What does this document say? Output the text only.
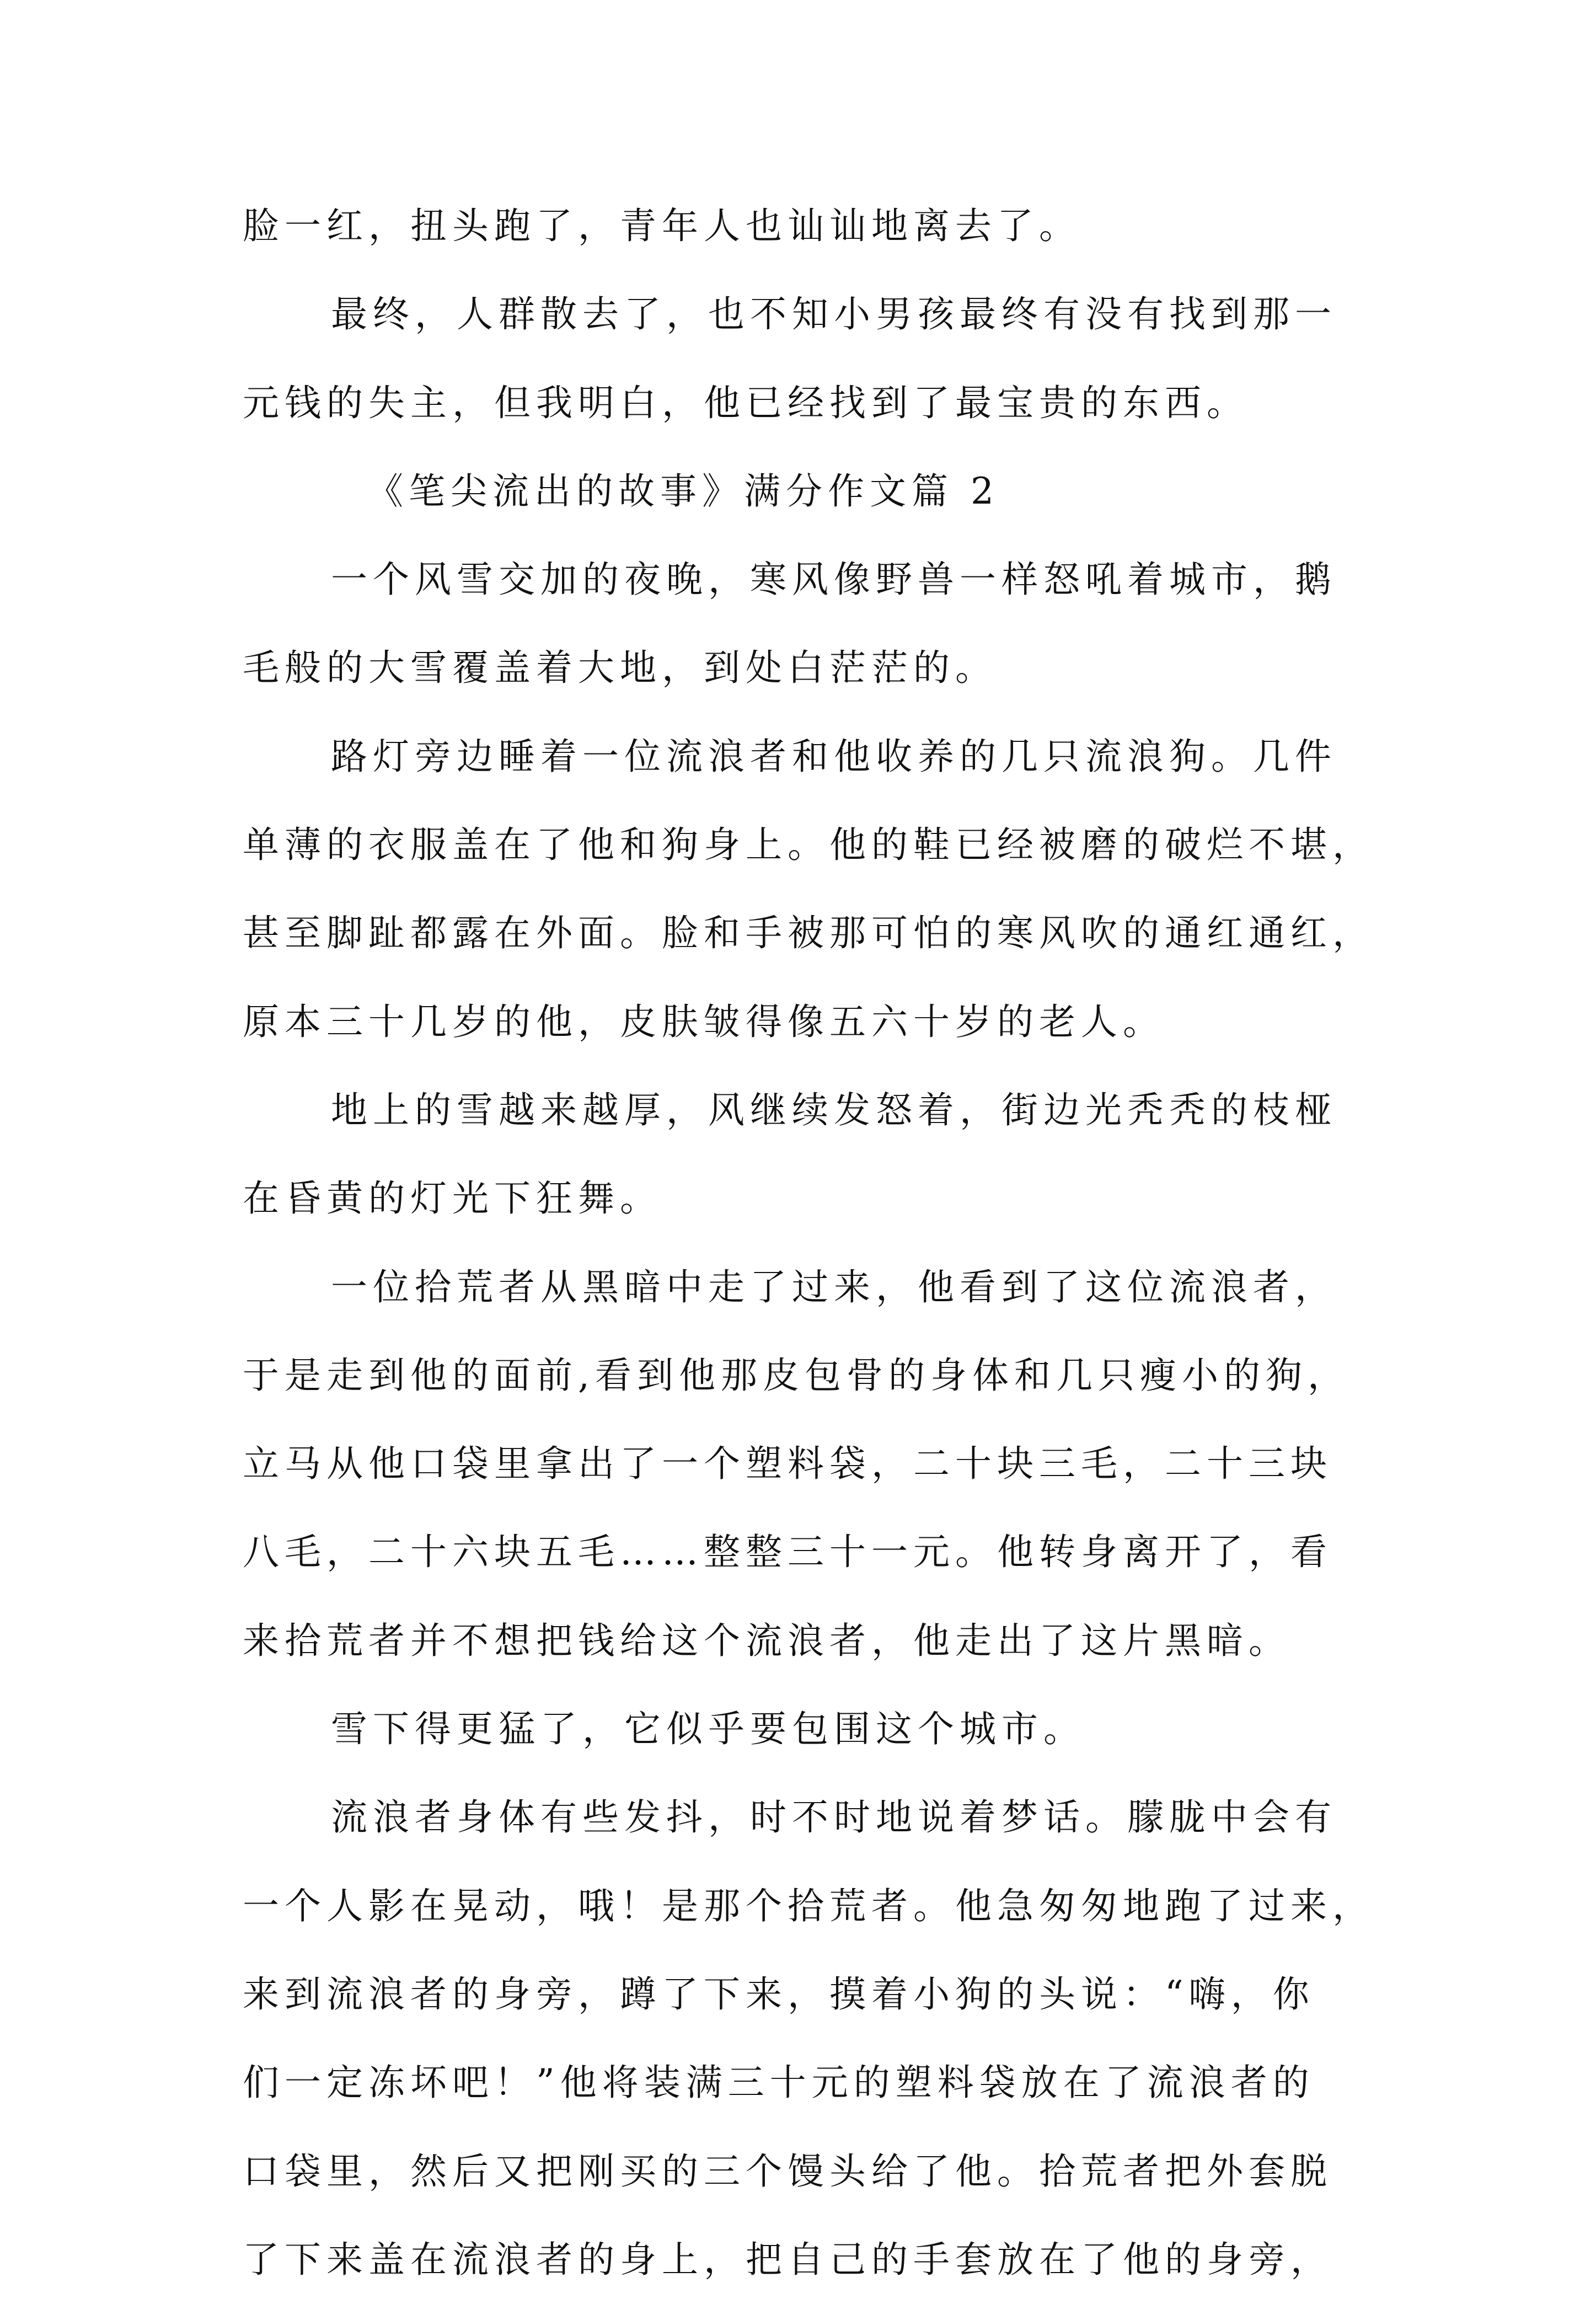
脸一红，扭头跑了，青年人也讪讪地离去了。
最终，人群散去了，也不知小男孩最终有没有找到那一
元钱的失主，但我明白，他已经找到了最宝贵的东西。
《笔尖流出的故事》满分作文篇 2
一个风雪交加的夜晚，寒风像野兽一样怒吼着城市，鹅
毛般的大雪覆盖着大地，到处白茫茫的。
路灯旁边睡着一位流浪者和他收养的几只流浪狗。几件
单薄的衣服盖在了他和狗身上。他的鞋已经被磨的破烂不堪，
甚至脚趾都露在外面。脸和手被那可怕的寒风吹的通红通红，
原本三十几岁的他，皮肤皱得像五六十岁的老人。
地上的雪越来越厚，风继续发怒着，街边光秃秃的枝桠
在昏黄的灯光下狂舞。
一位拾荒者从黑暗中走了过来，他看到了这位流浪者，
于是走到他的面前,看到他那皮包骨的身体和几只瘦小的狗，
立马从他口袋里拿出了一个塑料袋，二十块三毛，二十三块
八毛，二十六块五毛……整整三十一元。他转身离开了，看
来拾荒者并不想把钱给这个流浪者，他走出了这片黑暗。
雪下得更猛了，它似乎要包围这个城市。
流浪者身体有些发抖，时不时地说着梦话。朦胧中会有
一个人影在晃动，哦！是那个拾荒者。他急匆匆地跑了过来，
来到流浪者的身旁，蹲了下来，摸着小狗的头说：“嗨，你
们一定冻坏吧！”他将装满三十元的塑料袋放在了流浪者的
口袋里，然后又把刚买的三个馒头给了他。拾荒者把外套脱
了下来盖在流浪者的身上，把自己的手套放在了他的身旁，
